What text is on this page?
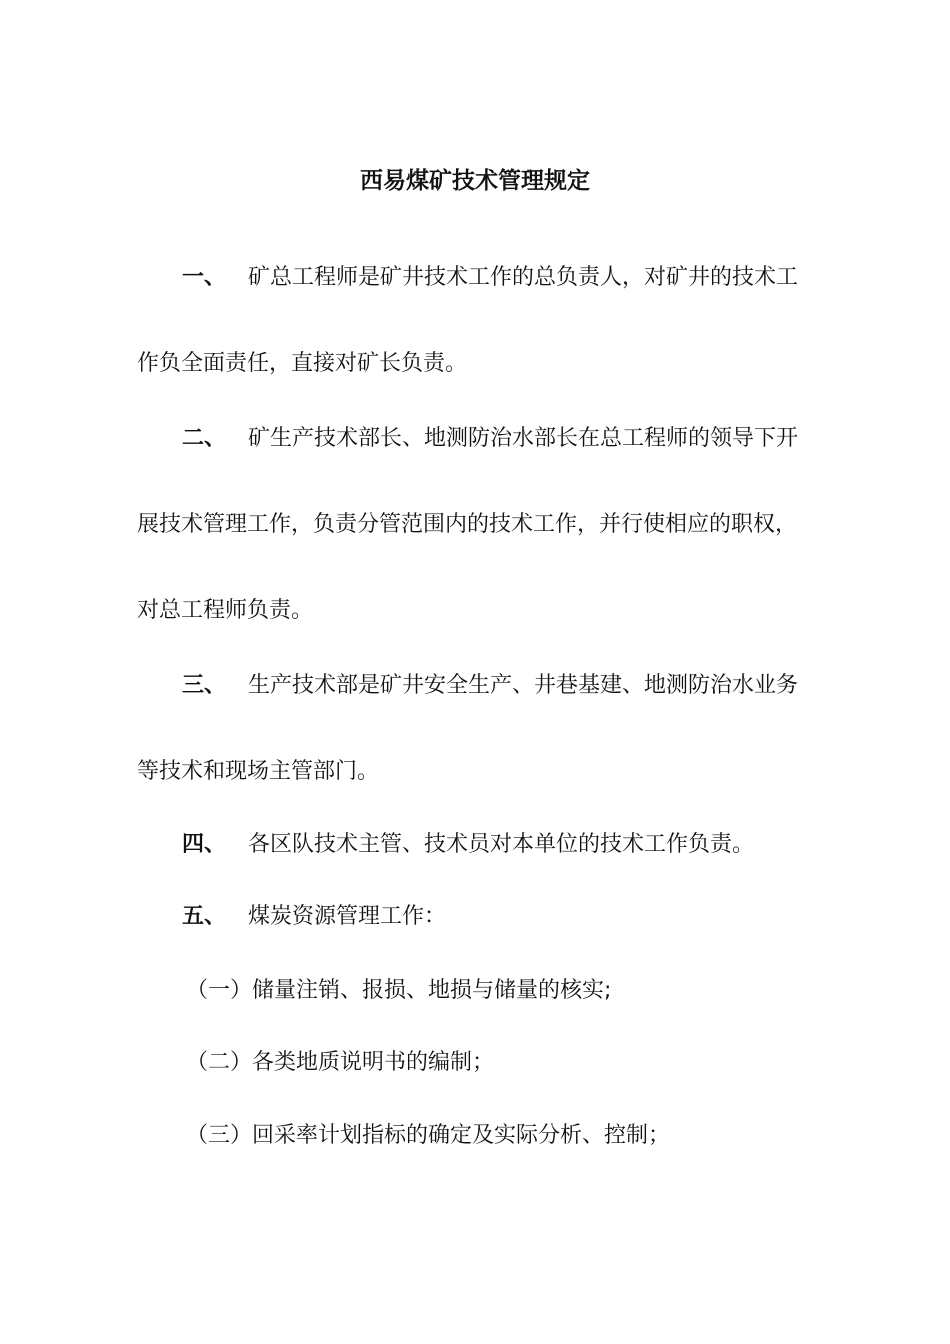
西易煤矿技术管理规定
一、 矿总工程师是矿井技术工作的总负责人，对矿井的技术工
作负全面责任，直接对矿长负责。
二、 矿生产技术部长、地测防治水部长在总工程师的领导下开
展技术管理工作，负责分管范围内的技术工作，并行使相应的职权，
对总工程师负责。
三、 生产技术部是矿井安全生产、井巷基建、地测防治水业务
等技术和现场主管部门。
四、 各区队技术主管、技术员对本单位的技术工作负责。
五、 煤炭资源管理工作：
（一）储量注销、报损、地损与储量的核实;
（二）各类地质说明书的编制；
（三）回采率计划指标的确定及实际分析、控制；
